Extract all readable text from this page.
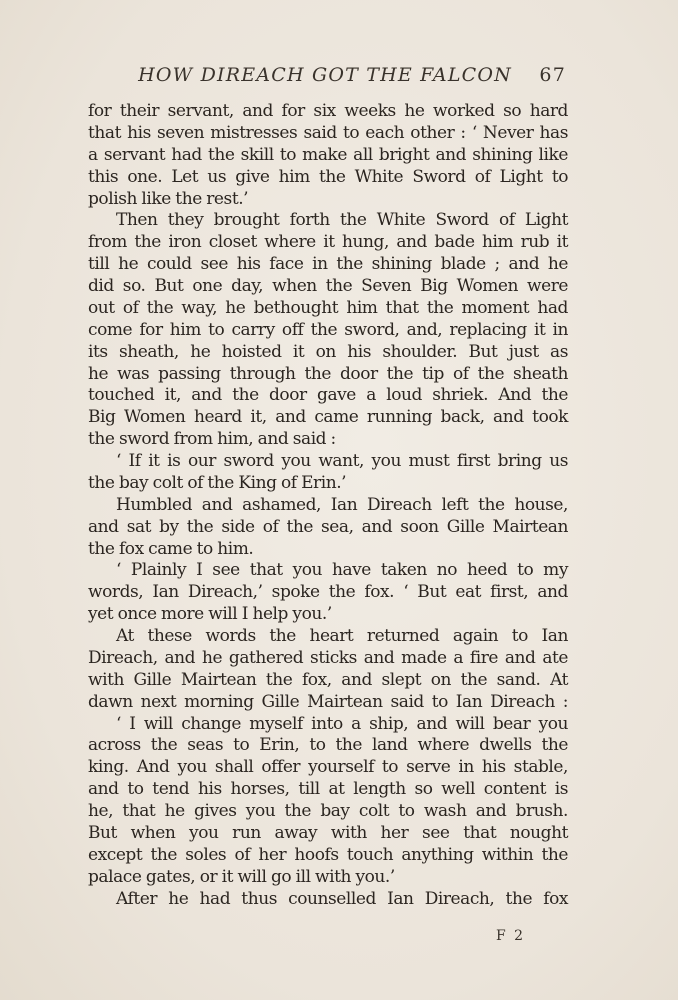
HOW DIREACH GOT THE FALCON 67
for their servant, and for six weeks he worked so hard
that his seven mistresses said to each other : ‘ Never has
a servant had the skill to make all bright and shining like
this one. Let us give him the White Sword of Light to
polish like the rest.’
Then they brought forth the White Sword of Light
from the iron closet where it hung, and bade him rub it
till he could see his face in the shining blade ; and he
did so. But one day, when the Seven Big Women were
out of the way, he bethought him that the moment had
come for him to carry off the sword, and, replacing it in
its sheath, he hoisted it on his shoulder. But just as
he was passing through the door the tip of the sheath
touched it, and the door gave a loud shriek. And the
Big Women heard it, and came running back, and took
the sword from him, and said :
‘ If it is our sword you want, you must first bring us
the bay colt of the King of Erin.’
Humbled and ashamed, Ian Direach left the house,
and sat by the side of the sea, and soon Gille Mairtean
the fox came to him.
‘ Plainly I see that you have taken no heed to my
words, Ian Direach,’ spoke the fox. ‘ But eat first, and
yet once more will I help you.’
At these words the heart returned again to Ian
Direach, and he gathered sticks and made a fire and ate
with Gille Mairtean the fox, and slept on the sand. At
dawn next morning Gille Mairtean said to Ian Direach :
‘ I will change myself into a ship, and will bear you
across the seas to Erin, to the land where dwells the
king. And you shall offer yourself to serve in his stable,
and to tend his horses, till at length so well content is
he, that he gives you the bay colt to wash and brush.
But when you run away with her see that nought
except the soles of her hoofs touch anything within the
palace gates, or it will go ill with you.’
After he had thus counselled Ian Direach, the fox
F 2
